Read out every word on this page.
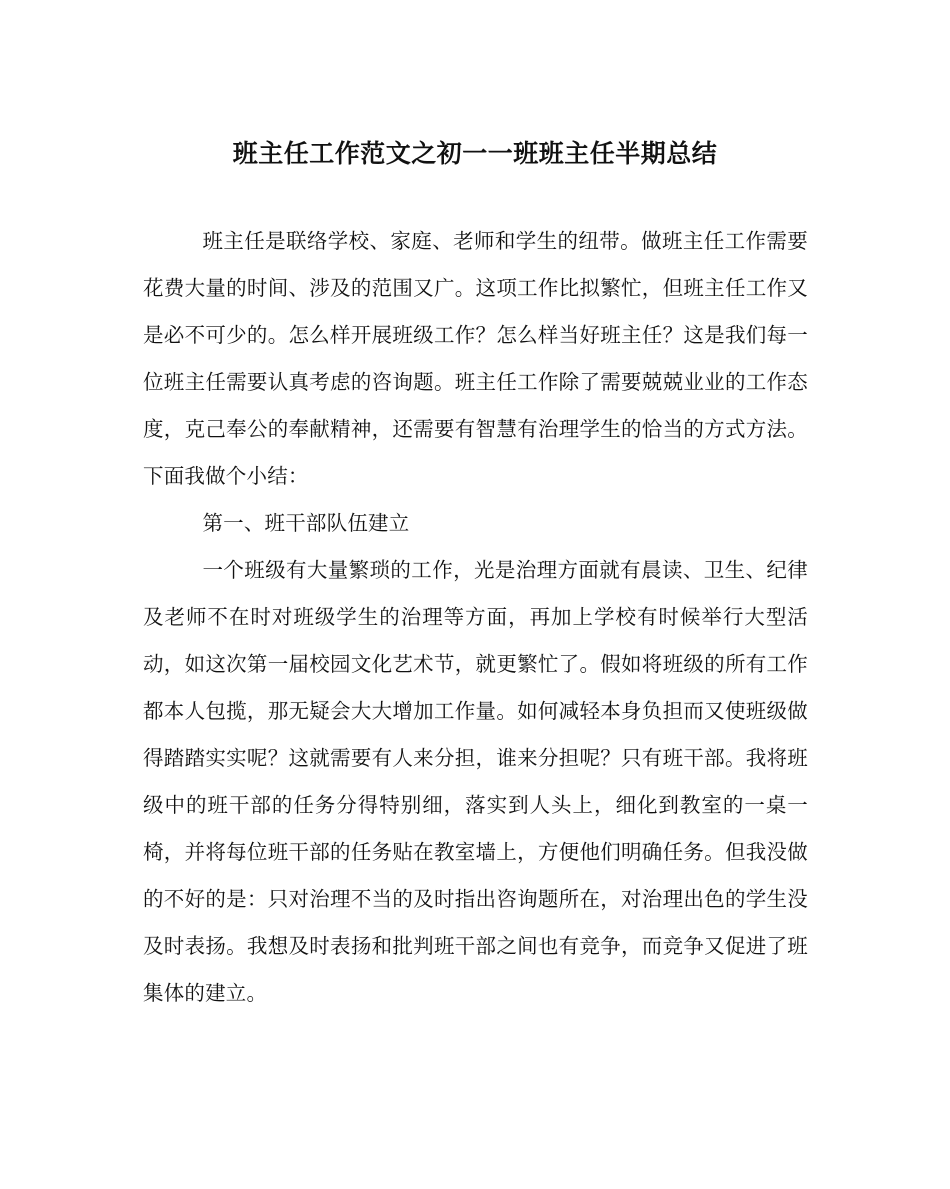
班主任工作范文之初一一班班主任半期总结

班主任是联络学校、家庭、老师和学生的纽带。做班主任工作需要花费大量的时间、涉及的范围又广。这项工作比拟繁忙，但班主任工作又是必不可少的。怎么样开展班级工作？怎么样当好班主任？这是我们每一位班主任需要认真考虑的咨询题。班主任工作除了需要兢兢业业的工作态度，克己奉公的奉献精神，还需要有智慧有治理学生的恰当的方式方法。下面我做个小结：

第一、班干部队伍建立

一个班级有大量繁琐的工作，光是治理方面就有晨读、卫生、纪律及老师不在时对班级学生的治理等方面，再加上学校有时候举行大型活动，如这次第一届校园文化艺术节，就更繁忙了。假如将班级的所有工作都本人包揽，那无疑会大大增加工作量。如何减轻本身负担而又使班级做得踏踏实实呢？这就需要有人来分担，谁来分担呢？只有班干部。我将班级中的班干部的任务分得特别细，落实到人头上，细化到教室的一桌一椅，并将每位班干部的任务贴在教室墙上，方便他们明确任务。但我没做的不好的是：只对治理不当的及时指出咨询题所在，对治理出色的学生没及时表扬。我想及时表扬和批判班干部之间也有竞争，而竞争又促进了班集体的建立。
